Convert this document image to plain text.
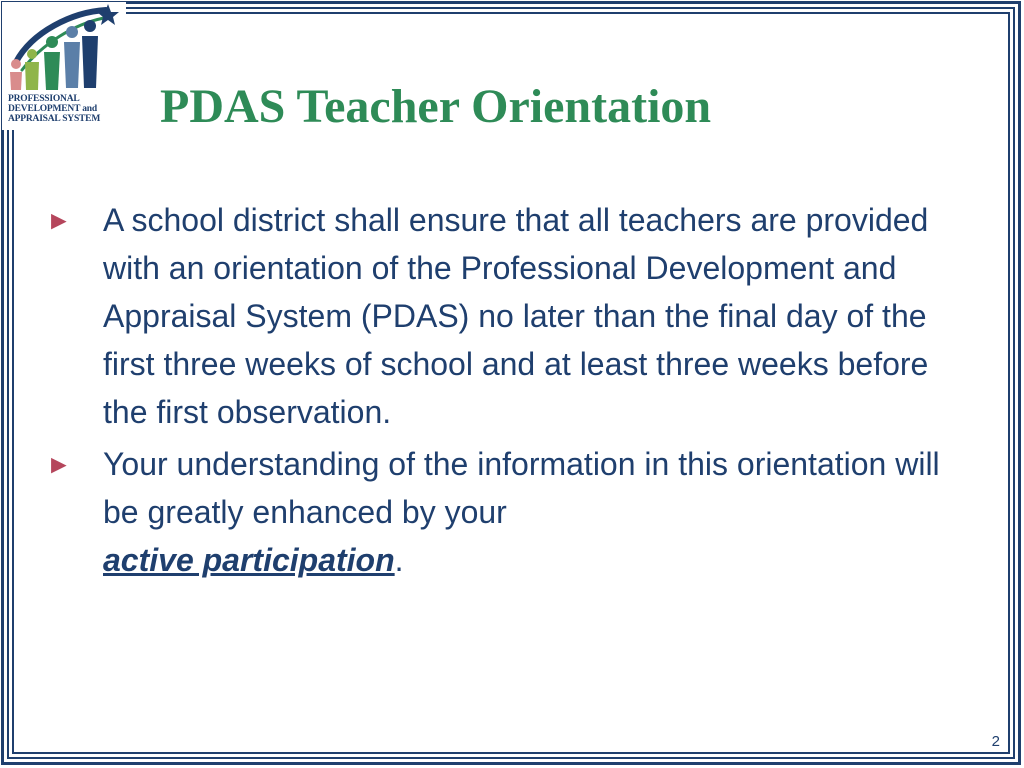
PROFESSIONAL
DEVELOPMENT and
APPRAISAL SYSTEM	PDAS Teacher Orientation
► A school district shall ensure that all teachers are provided with an orientation of the Professional Development and Appraisal System (PDAS) no later than the final day of the first three weeks of school and at least three weeks before the first observation.
► Your understanding of the information in this orientation will be greatly enhanced by your
active participation.
2
